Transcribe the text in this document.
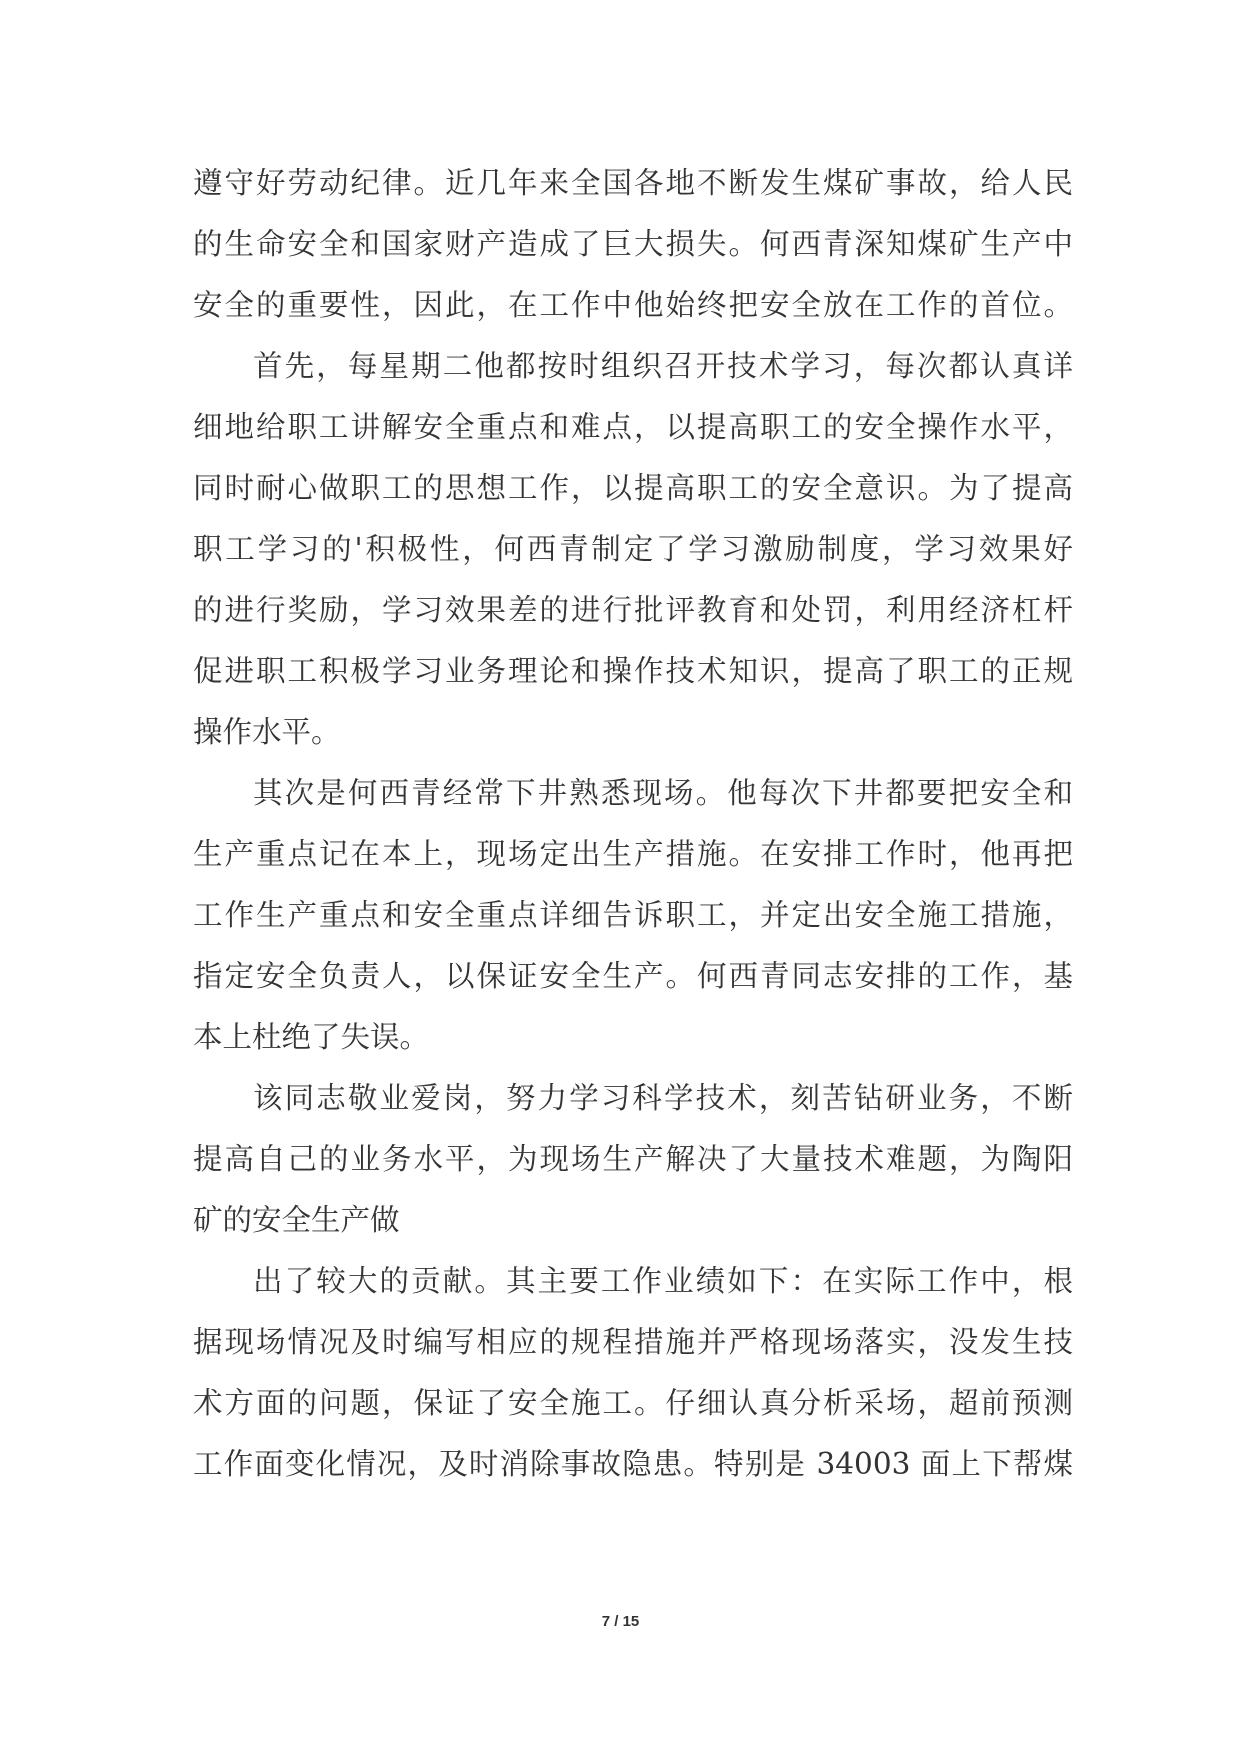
遵守好劳动纪律。近几年来全国各地不断发生煤矿事故，给人民
的生命安全和国家财产造成了巨大损失。何西青深知煤矿生产中
安全的重要性，因此，在工作中他始终把安全放在工作的首位。
首先，每星期二他都按时组织召开技术学习，每次都认真详
细地给职工讲解安全重点和难点，以提高职工的安全操作水平，
同时耐心做职工的思想工作，以提高职工的安全意识。为了提高
职工学习的'积极性，何西青制定了学习激励制度，学习效果好
的进行奖励，学习效果差的进行批评教育和处罚，利用经济杠杆
促进职工积极学习业务理论和操作技术知识，提高了职工的正规
操作水平。
其次是何西青经常下井熟悉现场。他每次下井都要把安全和
生产重点记在本上，现场定出生产措施。在安排工作时，他再把
工作生产重点和安全重点详细告诉职工，并定出安全施工措施，
指定安全负责人，以保证安全生产。何西青同志安排的工作，基
本上杜绝了失误。
该同志敬业爱岗，努力学习科学技术，刻苦钻研业务，不断
提高自己的业务水平，为现场生产解决了大量技术难题，为陶阳
矿的安全生产做
出了较大的贡献。其主要工作业绩如下：在实际工作中，根
据现场情况及时编写相应的规程措施并严格现场落实，没发生技
术方面的问题，保证了安全施工。仔细认真分析采场，超前预测
工作面变化情况，及时消除事故隐患。特别是 34003 面上下帮煤
7 / 15
